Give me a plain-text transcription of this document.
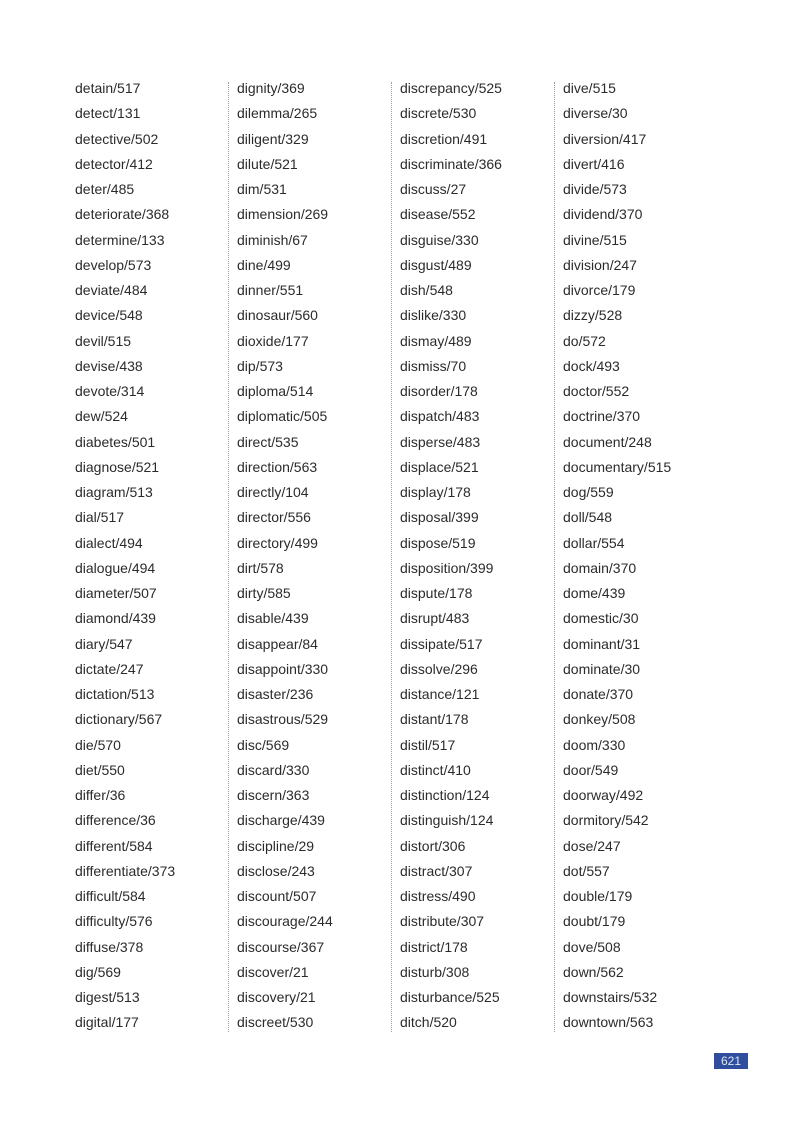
detain/517
detect/131
detective/502
detector/412
deter/485
deteriorate/368
determine/133
develop/573
deviate/484
device/548
devil/515
devise/438
devote/314
dew/524
diabetes/501
diagnose/521
diagram/513
dial/517
dialect/494
dialogue/494
diameter/507
diamond/439
diary/547
dictate/247
dictation/513
dictionary/567
die/570
diet/550
differ/36
difference/36
different/584
differentiate/373
difficult/584
difficulty/576
diffuse/378
dig/569
digest/513
digital/177
dignity/369
dilemma/265
diligent/329
dilute/521
dim/531
dimension/269
diminish/67
dine/499
dinner/551
dinosaur/560
dioxide/177
dip/573
diploma/514
diplomatic/505
direct/535
direction/563
directly/104
director/556
directory/499
dirt/578
dirty/585
disable/439
disappear/84
disappoint/330
disaster/236
disastrous/529
disc/569
discard/330
discern/363
discharge/439
discipline/29
disclose/243
discount/507
discourage/244
discourse/367
discover/21
discovery/21
discreet/530
discrepancy/525
discrete/530
discretion/491
discriminate/366
discuss/27
disease/552
disguise/330
disgust/489
dish/548
dislike/330
dismay/489
dismiss/70
disorder/178
dispatch/483
disperse/483
displace/521
display/178
disposal/399
dispose/519
disposition/399
dispute/178
disrupt/483
dissipate/517
dissolve/296
distance/121
distant/178
distil/517
distinct/410
distinction/124
distinguish/124
distort/306
distract/307
distress/490
distribute/307
district/178
disturb/308
disturbance/525
ditch/520
dive/515
diverse/30
diversion/417
divert/416
divide/573
dividend/370
divine/515
division/247
divorce/179
dizzy/528
do/572
dock/493
doctor/552
doctrine/370
document/248
documentary/515
dog/559
doll/548
dollar/554
domain/370
dome/439
domestic/30
dominant/31
dominate/30
donate/370
donkey/508
doom/330
door/549
doorway/492
dormitory/542
dose/247
dot/557
double/179
doubt/179
dove/508
down/562
downstairs/532
downtown/563
621
